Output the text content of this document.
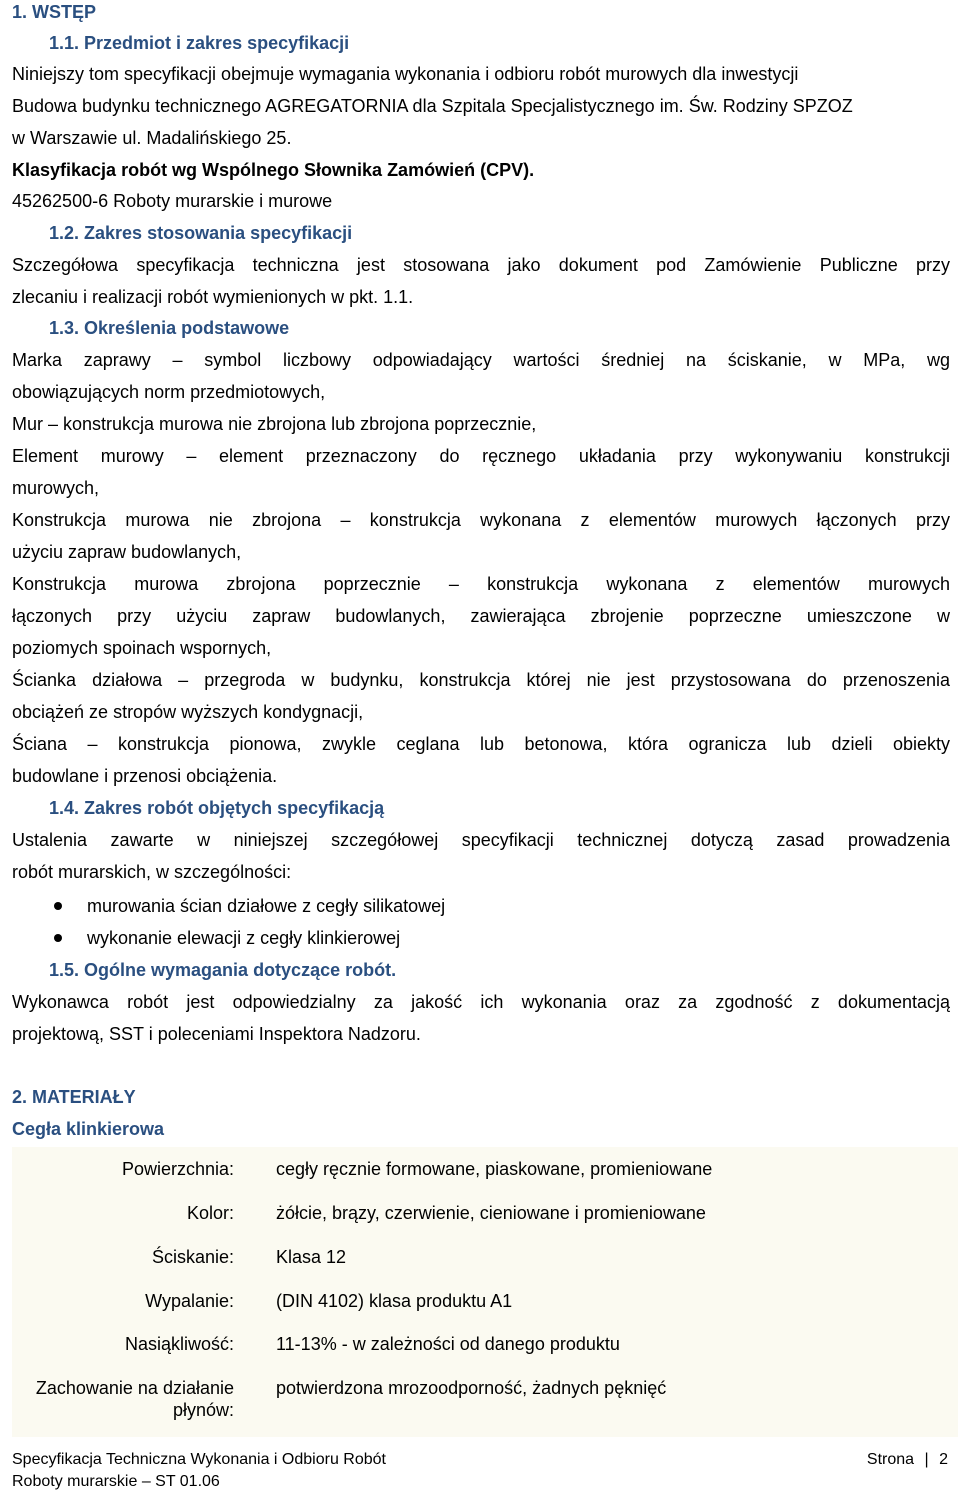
1. WSTĘP
1.1. Przedmiot i zakres specyfikacji
Niniejszy tom specyfikacji obejmuje wymagania wykonania i odbioru robót murowych dla inwestycji
Budowa budynku technicznego AGREGATORNIA dla Szpitala Specjalistycznego im. Św. Rodziny SPZOZ
w Warszawie ul. Madalińskiego 25.
Klasyfikacja robót wg Wspólnego Słownika Zamówień (CPV).
45262500-6 Roboty murarskie i murowe
1.2. Zakres stosowania specyfikacji
Szczegółowa specyfikacja techniczna jest stosowana jako dokument pod Zamówienie Publiczne przy
zlecaniu i realizacji robót wymienionych w pkt. 1.1.
1.3. Określenia podstawowe
Marka zaprawy – symbol liczbowy odpowiadający wartości średniej na ściskanie, w MPa, wg
obowiązujących norm przedmiotowych,
Mur – konstrukcja murowa nie zbrojona lub zbrojona poprzecznie,
Element murowy – element przeznaczony do ręcznego układania przy wykonywaniu konstrukcji
murowych,
Konstrukcja murowa nie zbrojona – konstrukcja wykonana z elementów murowych łączonych przy
użyciu zapraw budowlanych,
Konstrukcja murowa zbrojona poprzecznie – konstrukcja wykonana z elementów murowych
łączonych przy użyciu zapraw budowlanych, zawierająca zbrojenie poprzeczne umieszczone w
poziomych spoinach wspornych,
Ścianka działowa – przegroda w budynku, konstrukcja której nie jest przystosowana do przenoszenia
obciążeń ze stropów wyższych kondygnacji,
Ściana – konstrukcja pionowa, zwykle ceglana lub betonowa, która ogranicza lub dzieli obiekty
budowlane i przenosi obciążenia.
1.4. Zakres robót objętych specyfikacją
Ustalenia zawarte w niniejszej szczegółowej specyfikacji technicznej dotyczą zasad prowadzenia
robót murarskich, w szczególności:
murowania ścian działowe z cegły silikatowej
wykonanie elewacji z cegły klinkierowej
1.5. Ogólne wymagania dotyczące robót.
Wykonawca robót jest odpowiedzialny za jakość ich wykonania oraz za zgodność z dokumentacją
projektową, SST i poleceniami Inspektora Nadzoru.
2. MATERIAŁY
Cegła klinkierowa
Powierzchnia:
Kolor:
Ściskanie:
Wypalanie:
Nasiąkliwość:
Zachowanie na działanie płynów:
cegły ręcznie formowane, piaskowane, promieniowane
żółcie, brązy, czerwienie, cieniowane i promieniowane
Klasa 12
(DIN 4102) klasa produktu A1
11-13% - w zależności od danego produktu
potwierdzona mrozoodporność, żadnych pęknięć
Specyfikacja Techniczna Wykonania i Odbioru Robót
Roboty murarskie – ST 01.06
Strona | 2
